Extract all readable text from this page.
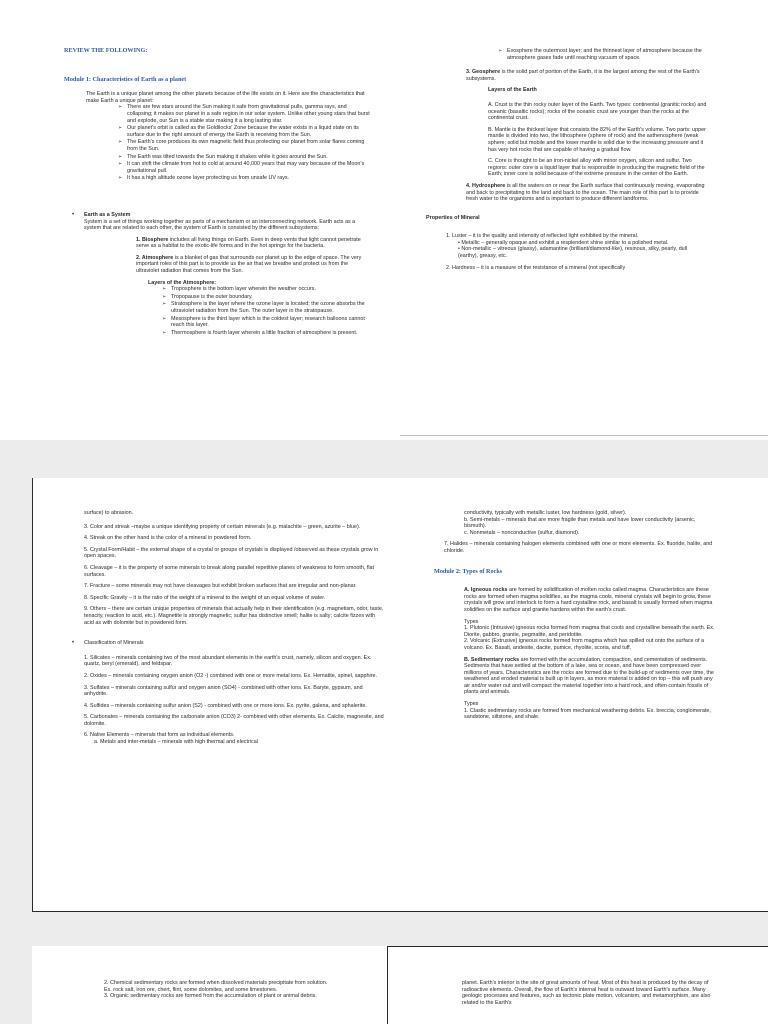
REVIEW THE FOLLOWING:

Module 1: Characteristics of Earth as a planet

The Earth is a unique planet among the other planets because of the life exists on it. Here are the characteristics that make Earth a unique planet:

➢ There are few stars around the Sun making it safe from gravitational pulls, gamma rays, and collapsing; it makes our planet in a safe region in our solar system. Unlike other young stars that burst and explode, our Sun is a stable star making it a long lasting star.
➢ Our planet's orbit is called as the Goldilocks' Zone because the water exists in a liquid state on its surface due to the right amount of energy the Earth is receiving from the Sun.
➢ The Earth's core produces its own magnetic field thus protecting our planet from solar flares coming from the Sun.
➢ The Earth was tilted towards the Sun making it shakes while it goes around the Sun.
➢ It can shift the climate from hot to cold at around 40,000 years that may vary because of the Moon's gravitational pull.
➢ It has a high altitude ozone layer protecting us from unsafe UV rays.
• Earth as a System

System is a set of things working together as parts of a mechanism or an interconnecting network. Earth acts as a system that are related to each other, the system of Earth is consisted by the different subsystems:

1. Biosphere includes all living things on Earth. Even in deep vents that light cannot penetrate serve as a habitat to the exotic-life forms and in the hot springs for the bacteria.

2. Atmosphere is a blanket of gas that surrounds our planet up to the edge of space. The very important roles of this part is to provide us the air that we breathe and protect us from the ultraviolet radiation that comes from the Sun.

Layers of the Atmosphere:

➢ Troposphere is the bottom layer wherein the weather occurs.
➢ Tropopause is the outer boundary.
➢ Stratosphere is the layer where the ozone layer is located; the ozone absorbs the ultraviolet radiation from the Sun. The outer layer in the stratopause.
➢ Mesosphere is the third layer which is the coldest layer; research balloons cannot reach this layer.
➢ Thermosphere is fourth layer wherein a little fraction of atmosphere is present.
➢ Exosphere the outermost layer; and the thinnest layer of atmosphere because the atmosphere gases fade until reaching vacuum of space.

3. Geosphere is the solid part of portion of the Earth, it is the largest among the rest of the Earth's subsystems.

Layers of the Earth

A. Crust is the thin rocky outer layer of the Earth. Two types: continental (granitic rocks) and oceanic (basaltic rocks); rocks of the oceanic crust are younger than the rocks at the continental crust.

B. Mantle is the thickest layer that consists the 82% of the Earth's volume. Two parts: upper mantle is divided into two, the lithosphere (sphere of rock) and the asthenosphere (weak sphere; solid but mobile and the lower mantle is solid due to the increasing pressure and it has very hot rocks that are capable of having a gradual flow.

C. Core is thought to be an iron-nickel alloy with minor oxygen, silicon and sulfur. Two regions: outer core is a liquid layer that is responsible in producing the magnetic field of the Earth; inner core is solid because of the extreme pressure in the center of the Earth.

4. Hydrosphere is all the waters on or near the Earth surface that continuously moving, evaporating and back to precipitating to the land and back to the ocean. The main role of this part is to provide fresh water to the organisms and is important to produce different landforms.

Properties of Mineral

1. Luster – it is the quality and intensity of reflected light exhibited by the mineral.

• Metallic – generally opaque and exhibit a resplendent shine similar to a polished metal.

• Non-metallic – vitreous (glassy), adamantine (brilliant/diamond-like), resinous, silky, pearly, dull (earthy), greasy, etc.

2. Hardness – it is a measure of the resistance of a mineral (not specifically

surface) to abrasion.

3. Color and streak –maybe a unique identifying property of certain minerals (e.g. malachite – green, azurite – blue).

4. Streak on the other hand is the color of a mineral in powdered form.

5. Crystal Form/Habit – the external shape of a crystal or groups of crystals is displayed /observed as these crystals grow in open spaces.

6. Cleavage – it is the property of some minerals to break along parallel repetitive planes of weakness to form smooth, flat surfaces.

7. Fracture – some minerals may not have cleavages but exhibit broken surfaces that are irregular and non-planar.

8. Specific Gravity – it is the ratio of the weight of a mineral to the weight of an equal volume of water.

9. Others – there are certain unique properties of minerals that actually help in their identification (e.g. magnetism, odor, taste, tenacity, reaction to acid, etc.). Magnetite is strongly magnetic; sulfur has distinctive smell; halite is salty; calcite fizzes with acid as with dolomite but in powdered form.

• Classification of Minerals

1. Silicates – minerals containing two of the most abundant elements in the earth's crust, namely, silicon and oxygen. Ex. quartz, beryl (emerald), and feldspar.

2. Oxides – minerals containing oxygen anion (O2 -) combined with one or more metal ions. Ex. Hematite, spinel, sapphire.

3. Sulfates – minerals containing sulfur and oxygen anion (SO4) - combined with other ions. Ex. Baryte, gypsum, and anhydrite.

4. Sulfides – minerals containing sulfur anion (S2) - combined with one or more ions. Ex. pyrite, galena, and sphalerite.

5. Carbonates – minerals containing the carbonate anion (CO3) 2- combined with other elements. Ex. Calcite, magnesite, and dolomite.

6. Native Elements – minerals that form as individual elements.

a. Metals and inter-metals – minerals with high thermal and electrical

conductivity, typically with metallic luster, low hardness (gold, silver).

b. Semi-metals – minerals that are more fragile than metals and have lower conductivity (arsenic, bismuth).

c. Nonmetals – nonconductive (sulfur, diamond).

7. Halides – minerals containing halogen elements combined with one or more elements. Ex. fluoride, halite, and chloride.

Module 2: Types of Rocks

A. Igneous rocks are formed by solidification of molten rocks called magma. Characteristics are these rocks are formed when magma solidifies, as the magma cools, mineral crystals will begin to grow, these crystals will grow and interlock to form a hard crystalline rock, and basalt is usually formed when magma solidifies on the surface and granite hardens within the earth's crust.

Types

1. Plutonic (Intrusive) igneous rocks formed from magma that cools and crystalline beneath the earth. Ex. Diorite, gabbro, granite, pegmatite, and peridotite.

2. Volcanic (Extrusive) igneous rocks formed from magma which has spilled out onto the surface of a volcano. Ex. Basalt, andesite, dacite, pumice, rhyolite, scoria, and tuff.

B. Sedimentary rocks are formed with the accumulation, compaction, and cementation of sediments. Sediments that have settled at the bottom of a lake, sea or ocean, and have been compressed over millions of years. Characteristics are the rocks are formed due to the build-up of sediments over time, the weathered and eroded material is built up in layers, as more material is added on top – this will push any air and/or water out and will compact the material together into a hard rock, and often contain fossils of plants and animals.

Types

1. Clastic sedimentary rocks are formed from mechanical weathering debris. Ex. breccia, conglomerate, sandstone, siltstone, and shale.

2. Chemical sedimentary rocks are formed when dissolved materials precipitate from solution.

Ex. rock salt, iron ore, chert, flint, some dolomites, and some limestones.

3. Organic sedimentary rocks are formed from the accumulation of plant or animal debris.

planet. Earth's interior is the site of great amounts of heat. Most of this heat is produced by the decay of radioactive elements. Overall, the flow of Earth's internal heat is outward toward Earth's surface. Many geologic processes and features, such as tectonic plate motion, volcanism, and metamorphism, are also related to the Earth's
